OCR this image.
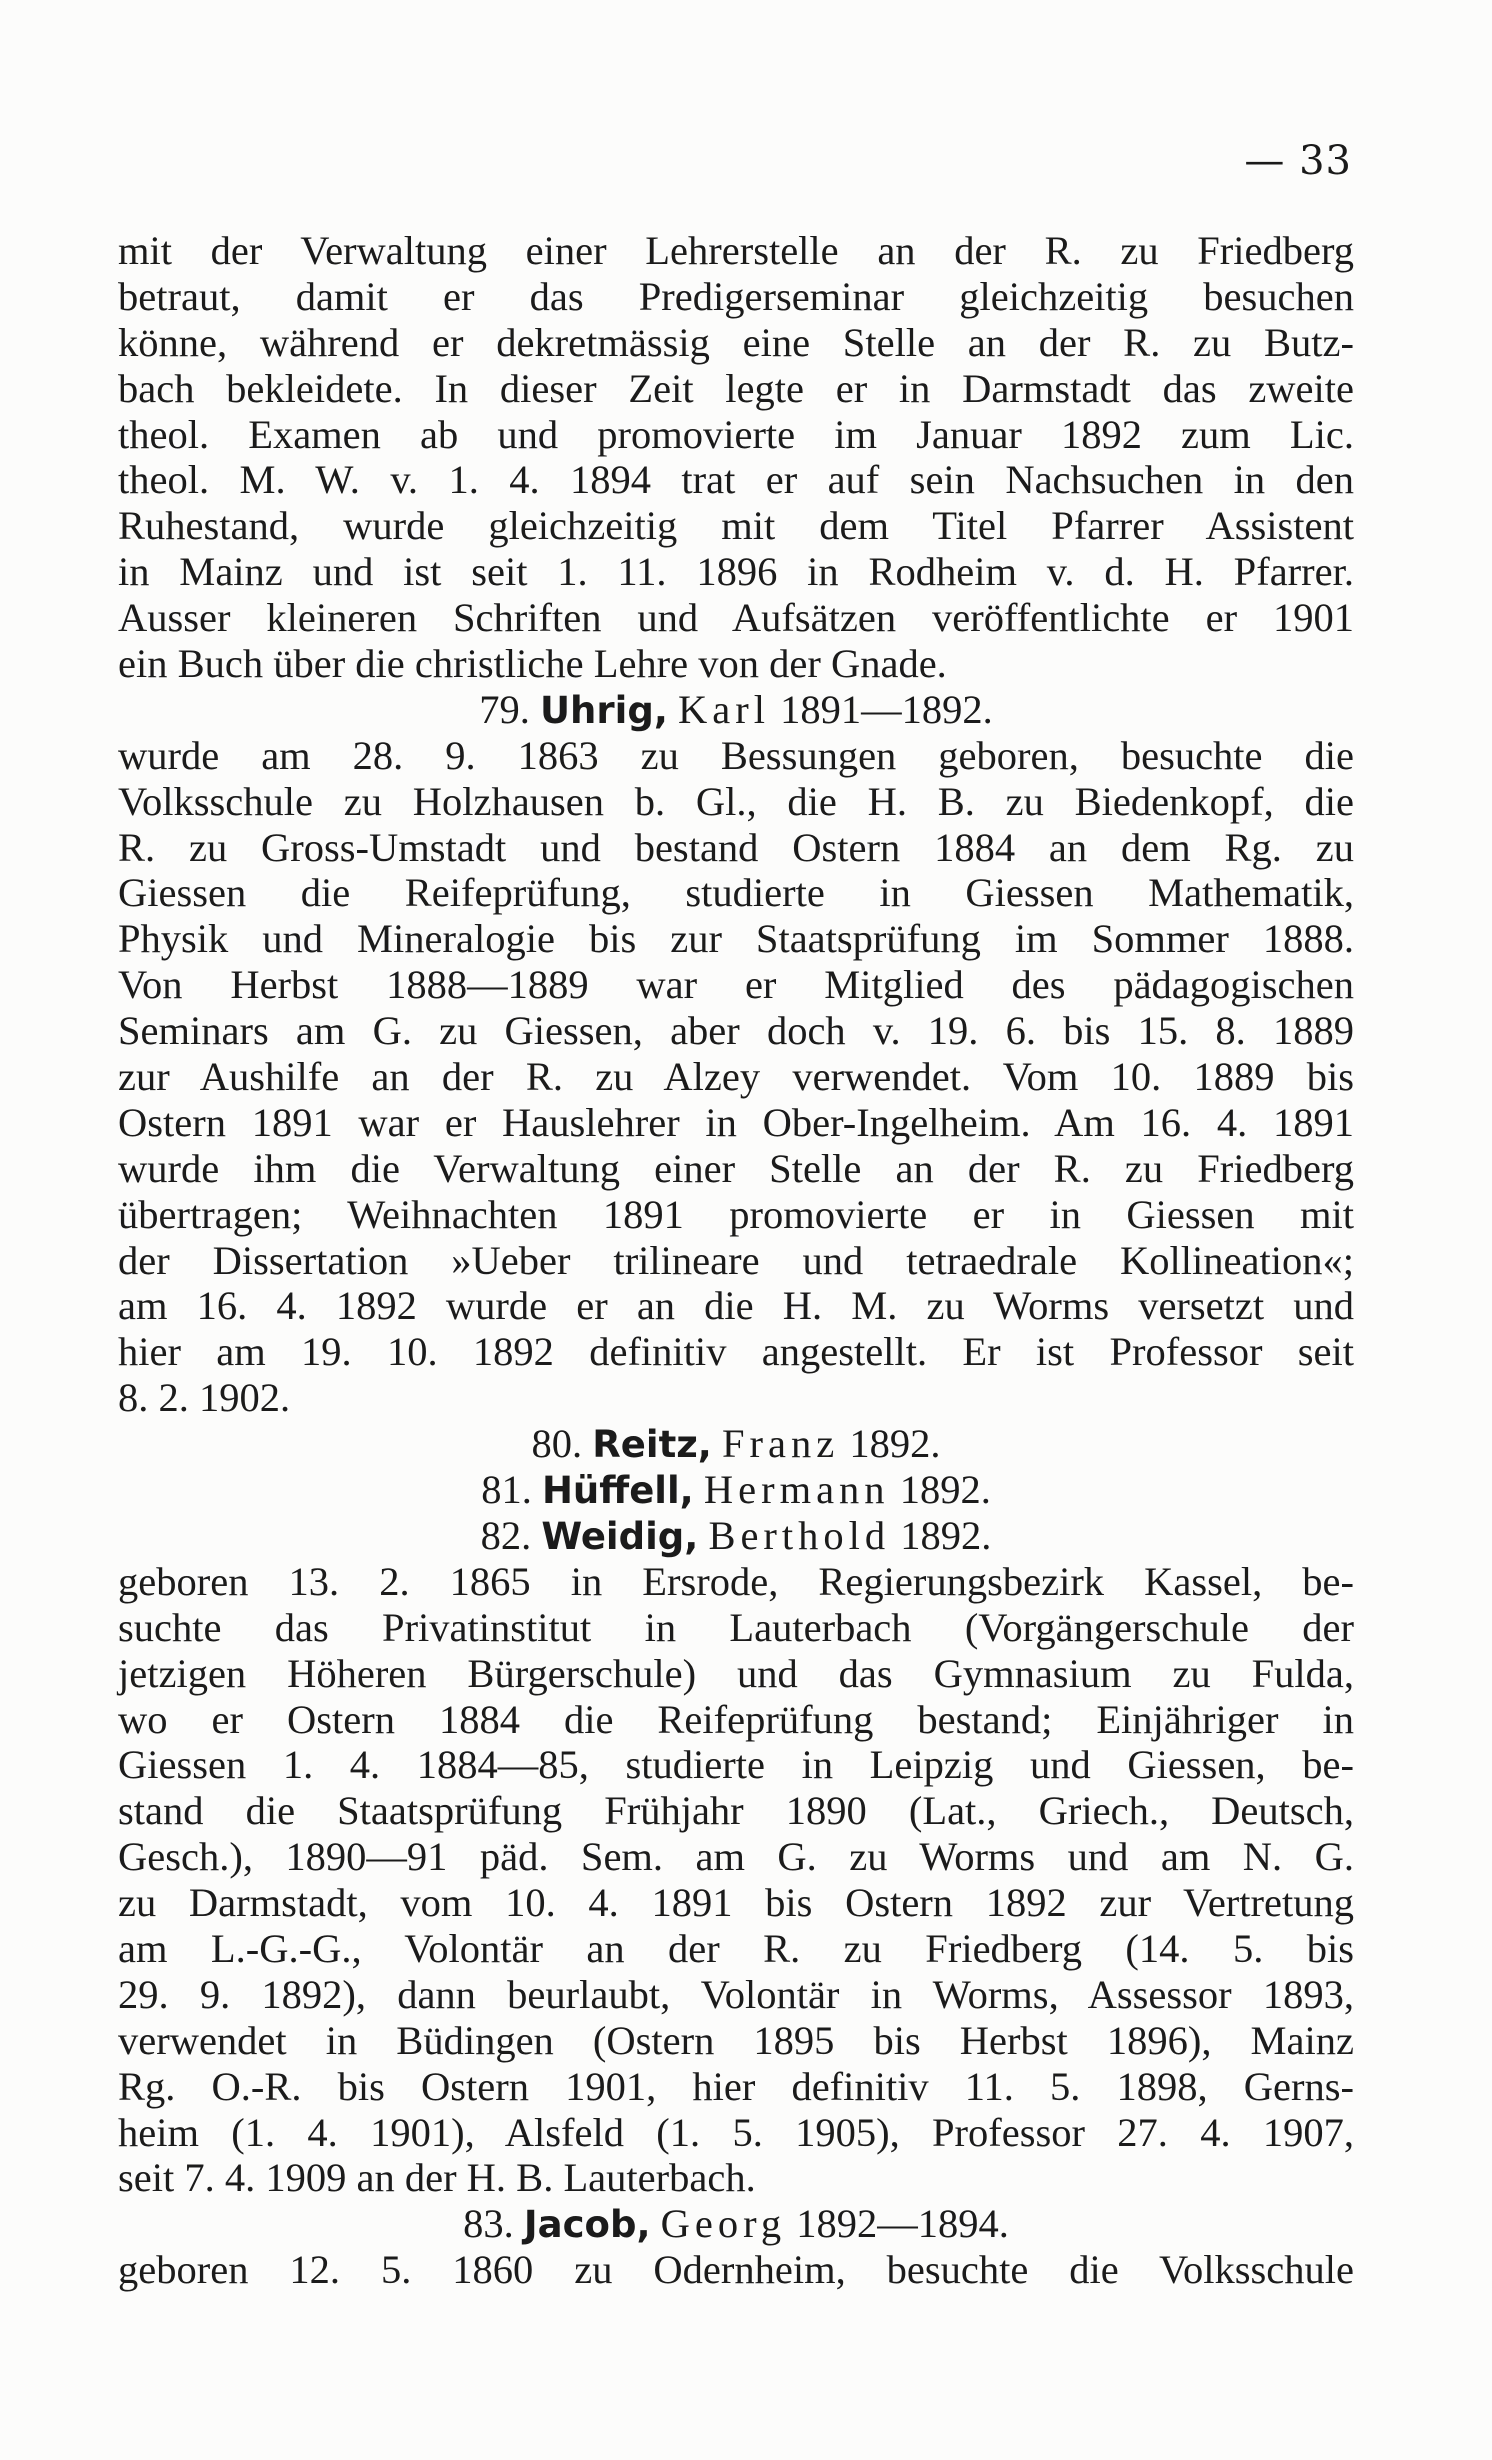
— 33
mit der Verwaltung einer Lehrerstelle an der R. zu Friedberg
betraut, damit er das Predigerseminar gleichzeitig besuchen
könne, während er dekretmässig eine Stelle an der R. zu Butz-
bach bekleidete. In dieser Zeit legte er in Darmstadt das zweite
theol. Examen ab und promovierte im Januar 1892 zum Lic.
theol. M. W. v. 1. 4. 1894 trat er auf sein Nachsuchen in den
Ruhestand, wurde gleichzeitig mit dem Titel Pfarrer Assistent
in Mainz und ist seit 1. 11. 1896 in Rodheim v. d. H. Pfarrer.
Ausser kleineren Schriften und Aufsätzen veröffentlichte er 1901
ein Buch über die christliche Lehre von der Gnade.
79. Uhrig, Karl 1891—1892.
wurde am 28. 9. 1863 zu Bessungen geboren, besuchte die
Volksschule zu Holzhausen b. Gl., die H. B. zu Biedenkopf, die
R. zu Gross-Umstadt und bestand Ostern 1884 an dem Rg. zu
Giessen die Reifeprüfung, studierte in Giessen Mathematik,
Physik und Mineralogie bis zur Staatsprüfung im Sommer 1888.
Von Herbst 1888—1889 war er Mitglied des pädagogischen
Seminars am G. zu Giessen, aber doch v. 19. 6. bis 15. 8. 1889
zur Aushilfe an der R. zu Alzey verwendet. Vom 10. 1889 bis
Ostern 1891 war er Hauslehrer in Ober-Ingelheim. Am 16. 4. 1891
wurde ihm die Verwaltung einer Stelle an der R. zu Friedberg
übertragen; Weihnachten 1891 promovierte er in Giessen mit
der Dissertation »Ueber trilineare und tetraedrale Kollineation«;
am 16. 4. 1892 wurde er an die H. M. zu Worms versetzt und
hier am 19. 10. 1892 definitiv angestellt. Er ist Professor seit
8. 2. 1902.
80. Reitz, Franz 1892.
81. Hüffell, Hermann 1892.
82. Weidig, Berthold 1892.
geboren 13. 2. 1865 in Ersrode, Regierungsbezirk Kassel, be-
suchte das Privatinstitut in Lauterbach (Vorgängerschule der
jetzigen Höheren Bürgerschule) und das Gymnasium zu Fulda,
wo er Ostern 1884 die Reifeprüfung bestand; Einjähriger in
Giessen 1. 4. 1884—85, studierte in Leipzig und Giessen, be-
stand die Staatsprüfung Frühjahr 1890 (Lat., Griech., Deutsch,
Gesch.), 1890—91 päd. Sem. am G. zu Worms und am N. G.
zu Darmstadt, vom 10. 4. 1891 bis Ostern 1892 zur Vertretung
am L.-G.-G., Volontär an der R. zu Friedberg (14. 5. bis
29. 9. 1892), dann beurlaubt, Volontär in Worms, Assessor 1893,
verwendet in Büdingen (Ostern 1895 bis Herbst 1896), Mainz
Rg. O.-R. bis Ostern 1901, hier definitiv 11. 5. 1898, Gerns-
heim (1. 4. 1901), Alsfeld (1. 5. 1905), Professor 27. 4. 1907,
seit 7. 4. 1909 an der H. B. Lauterbach.
83. Jacob, Georg 1892—1894.
geboren 12. 5. 1860 zu Odernheim, besuchte die Volksschule
